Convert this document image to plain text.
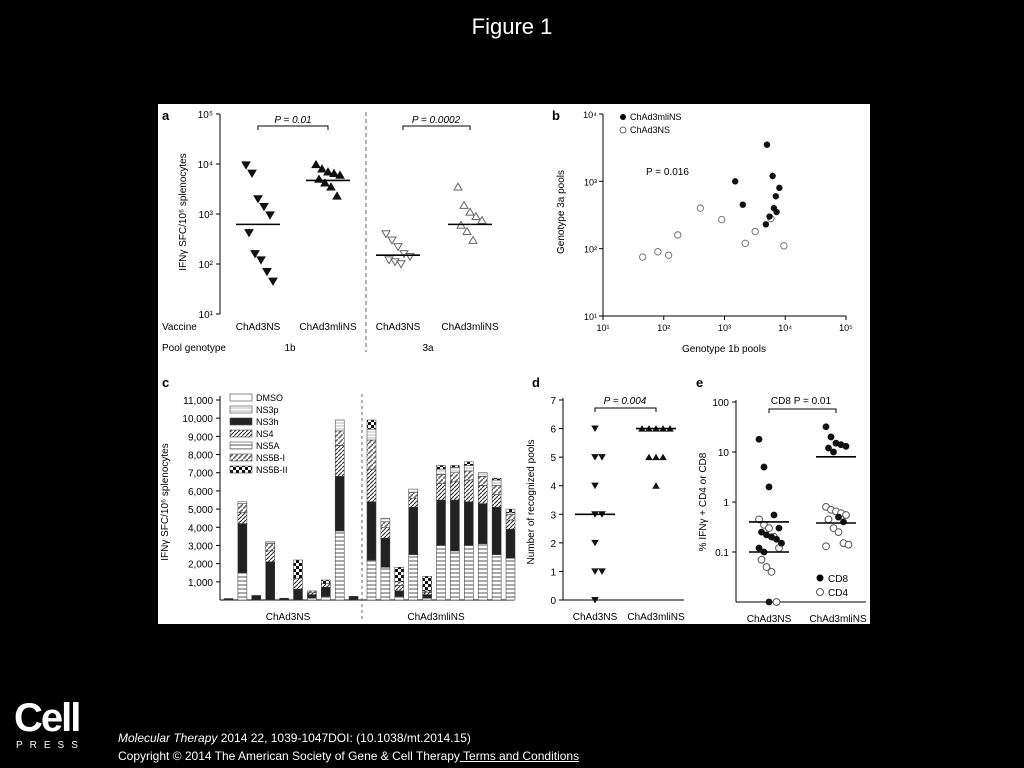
Figure 1
a
IFNγ SFC/10⁶ splenocytes
10¹
10²
10³
10⁴
10⁵	P = 0.01	P = 0.0002
Vaccine
Pool genotype
ChAd3NS ChAd3mliNS ChAd3NS ChAd3mliNS
1b	3a
b
Genotype 3a pools
10¹	10²	10³	10⁴	10⁵
10¹
10²
10³
10⁴
Genotype 1b pools
ChAd3mliNS
ChAd3NS
P = 0.016
c
IFNγ SFC/10⁶ splenocytes
1,000
2,000
3,000
4,000
5,000
6,000
7,000
8,000
9,000
10,000
11,000	DMSO
NS3p
NS3h
NS4
NS5A
NS5B-I
NS5B-II
ChAd3NS	ChAd3mliNS
d
Number of recognized pools
0
1
2
3
4
5
6
7	P = 0.004
ChAd3NS ChAd3mliNS
e
% IFNγ + CD4 or CD8
0.1
1
10
100	CD8 P = 0.01
CD8
CD4
ChAd3NS ChAd3mliNS
Cell
PRESS
Molecular Therapy 2014 22, 1039-1047DOI: (10.1038/mt.2014.15)
Copyright © 2014 The American Society of Gene & Cell Therapy Terms and Conditions
